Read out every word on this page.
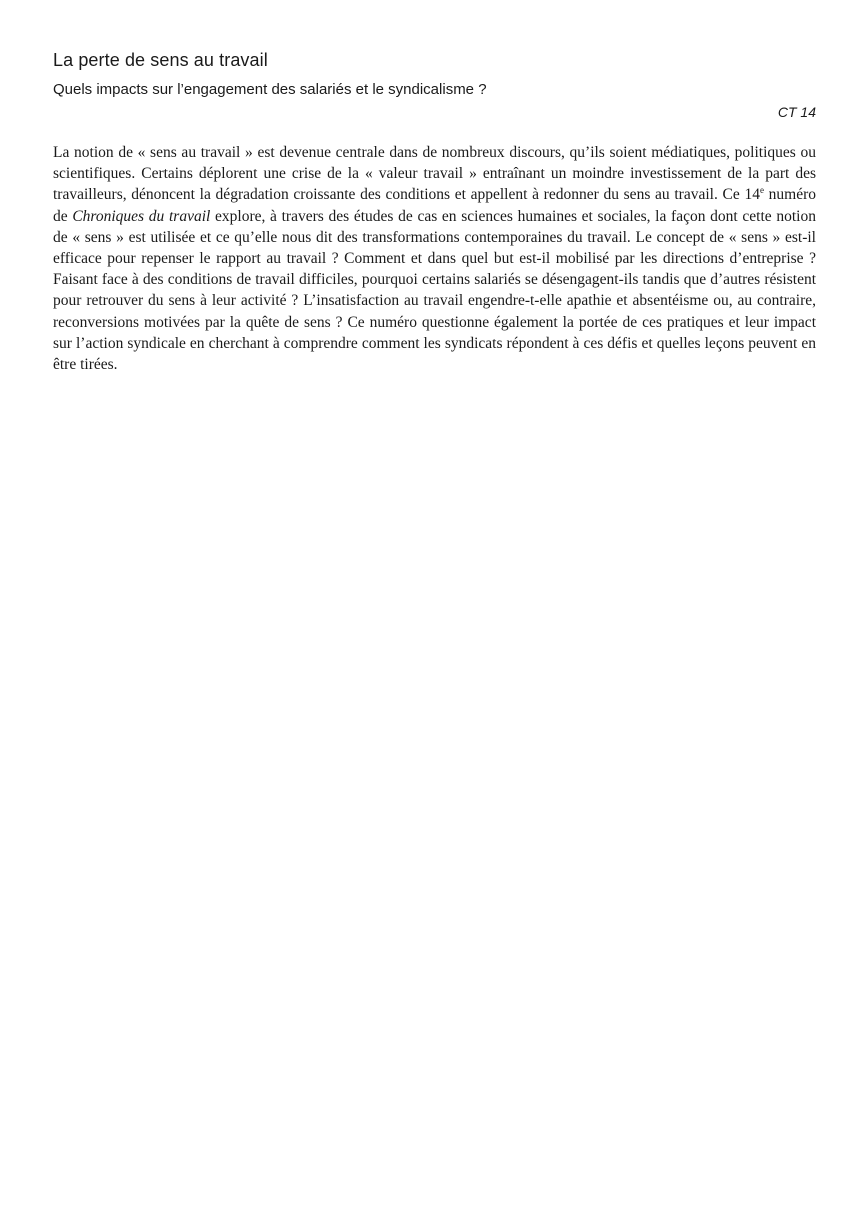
La perte de sens au travail

Quels impacts sur l’engagement des salariés et le syndicalisme ?

CT 14

La notion de « sens au travail » est devenue centrale dans de nombreux discours, qu’ils soient médiatiques, politiques ou scientifiques. Certains déplorent une crise de la « valeur travail » entraînant un moindre investissement de la part des travailleurs, dénoncent la dégradation croissante des conditions et appellent à redonner du sens au travail. Ce 14e numéro de Chroniques du travail explore, à travers des études de cas en sciences humaines et sociales, la façon dont cette notion de « sens » est utilisée et ce qu’elle nous dit des transformations contemporaines du travail. Le concept de « sens » est-il efficace pour repenser le rapport au travail ? Comment et dans quel but est-il mobilisé par les directions d’entreprise ? Faisant face à des conditions de travail difficiles, pourquoi certains salariés se désengagent-ils tandis que d’autres résistent pour retrouver du sens à leur activité ? L’insatisfaction au travail engendre-t-elle apathie et absentéisme ou, au contraire, reconversions motivées par la quête de sens ? Ce numéro questionne également la portée de ces pratiques et leur impact sur l’action syndicale en cherchant à comprendre comment les syndicats répondent à ces défis et quelles leçons peuvent en être tirées.
